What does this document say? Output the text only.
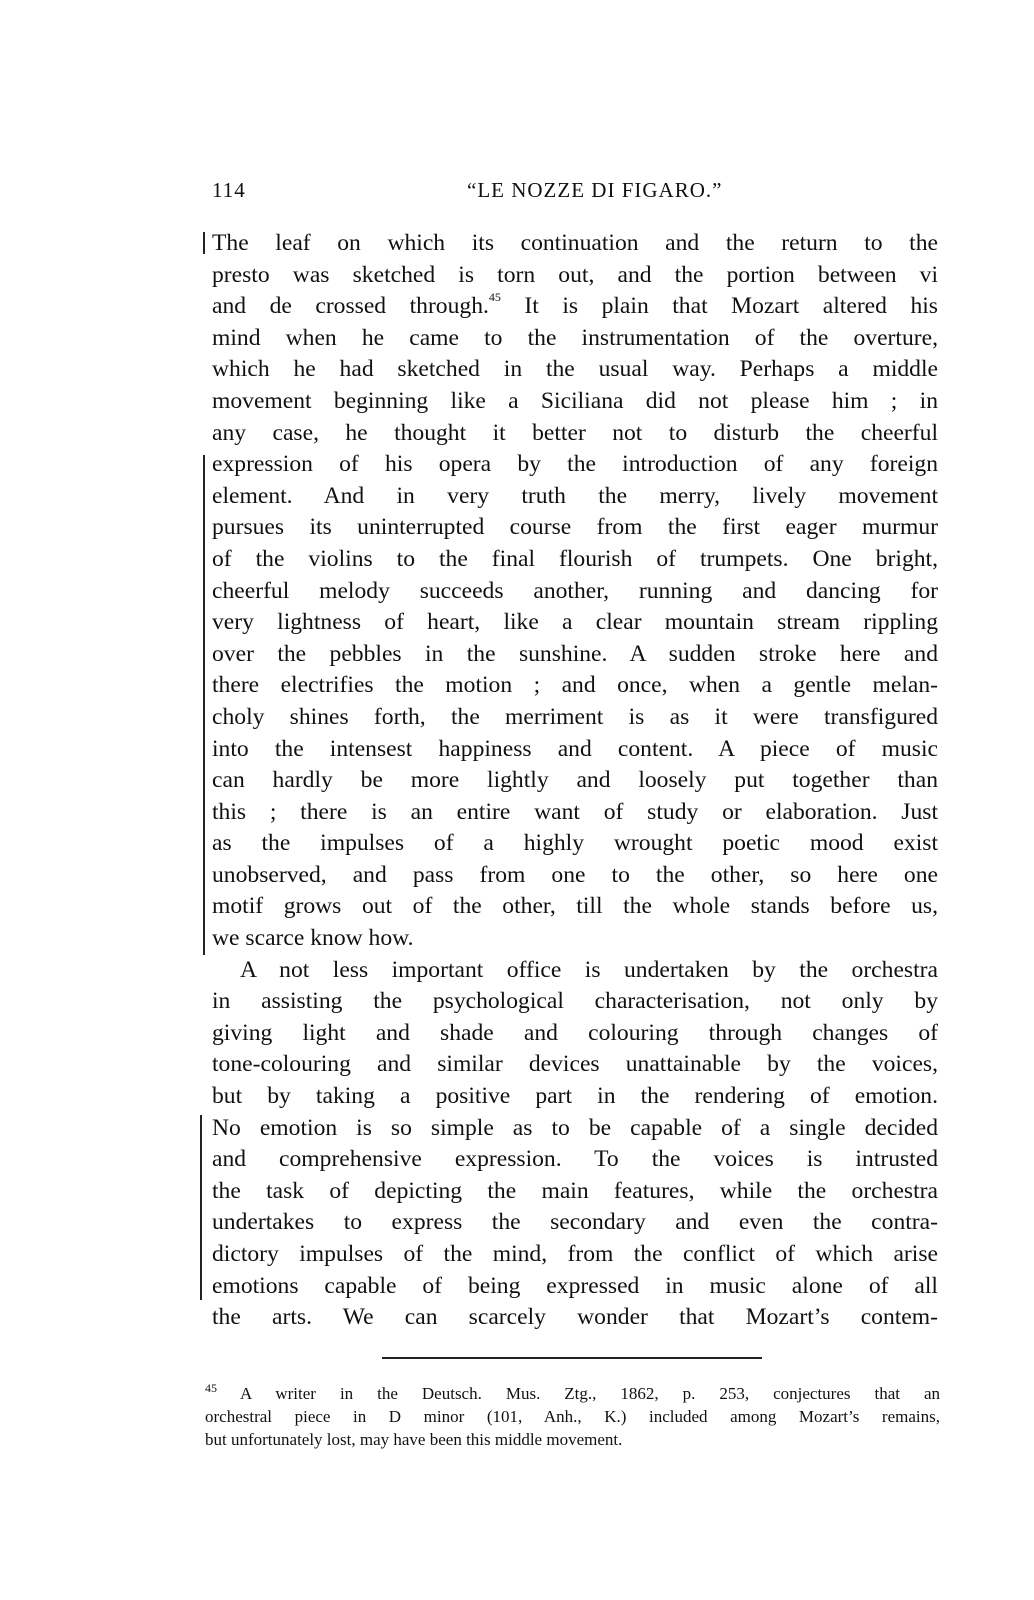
114	“LE NOZZE DI FIGARO.”
The leaf on which its continuation and the return to the
presto was sketched is torn out, and the portion between vi
and de crossed through.$^{45}$ It is plain that Mozart altered his
mind when he came to the instrumentation of the overture,
which he had sketched in the usual way. Perhaps a middle
movement beginning like a Siciliana did not please him ; in
any case, he thought it better not to disturb the cheerful
expression of his opera by the introduction of any foreign
element. And in very truth the merry, lively movement
pursues its uninterrupted course from the first eager murmur
of the violins to the final flourish of trumpets. One bright,
cheerful melody succeeds another, running and dancing for
very lightness of heart, like a clear mountain stream rippling
over the pebbles in the sunshine. A sudden stroke here and
there electrifies the motion ; and once, when a gentle melan-
choly shines forth, the merriment is as it were transfigured
into the intensest happiness and content. A piece of music
can hardly be more lightly and loosely put together than
this ; there is an entire want of study or elaboration. Just
as the impulses of a highly wrought poetic mood exist
unobserved, and pass from one to the other, so here one
motif grows out of the other, till the whole stands before us,
we scarce know how.
A not less important office is undertaken by the orchestra
in assisting the psychological characterisation, not only by
giving light and shade and colouring through changes of
tone-colouring and similar devices unattainable by the voices,
but by taking a positive part in the rendering of emotion.
No emotion is so simple as to be capable of a single decided
and comprehensive expression. To the voices is intrusted
the task of depicting the main features, while the orchestra
undertakes to express the secondary and even the contra-
dictory impulses of the mind, from the conflict of which arise
emotions capable of being expressed in music alone of all
the arts. We can scarcely wonder that Mozart’s contem-
$^{45}$ A writer in the Deutsch. Mus. Ztg., 1862, p. 253, conjectures that an
orchestral piece in D minor (101, Anh., K.) included among Mozart’s remains,
but unfortunately lost, may have been this middle movement.
